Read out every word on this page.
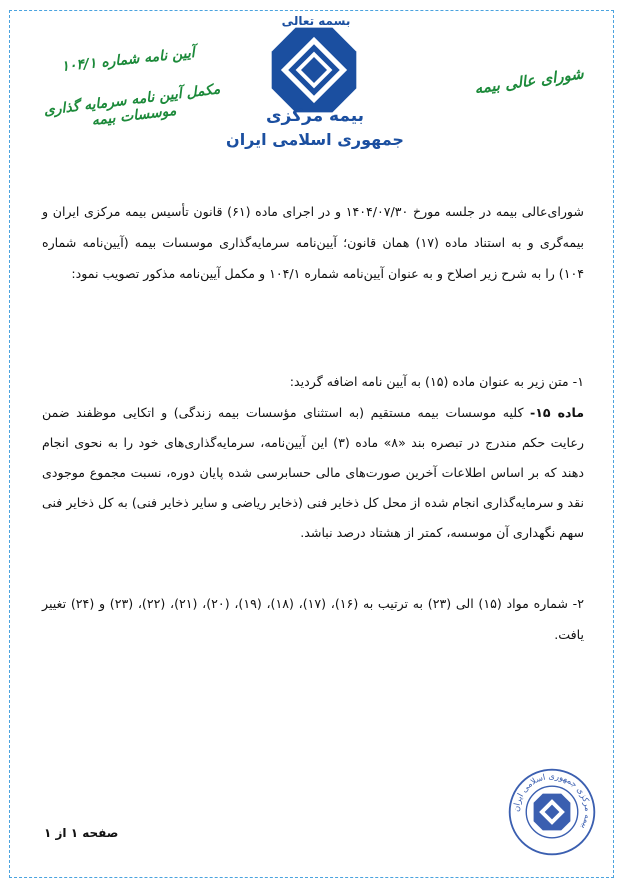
بسمه تعالی
بیمه مرکزی
جمهوری اسلامی ایران
شورای عالی بیمه
آیین نامه شماره ۱۰۴/۱
مکمل آیین نامه سرمایه گذاری موسسات بیمه
شورای‌عالی بیمه در جلسه مورخ ۱۴۰۴/۰۷/۳۰ و در اجرای ماده (۶۱) قانون تأسیس بیمه مرکزی ایران و بیمه‌گری و به استناد ماده (۱۷) همان قانون؛ آیین‌نامه سرمایه‌گذاری موسسات بیمه (آیین‌نامه شماره ۱۰۴) را به شرح زیر اصلاح و به عنوان آیین‌نامه شماره ۱۰۴/۱ و مکمل آیین‌نامه مذکور تصویب نمود:
۱- متن زیر به عنوان ماده (۱۵) به آیین نامه اضافه گردید:
ماده ۱۵- کلیه موسسات بیمه مستقیم (به استثنای مؤسسات بیمه زندگی) و اتکایی موظفند ضمن رعایت حکم مندرج در تبصره بند «۸» ماده (۳) این آیین‌نامه، سرمایه‌گذاری‌های خود را به نحوی انجام دهند که بر اساس اطلاعات آخرین صورت‌های مالی حسابرسی شده پایان دوره، نسبت مجموع موجودی نقد و سرمایه‌گذاری انجام شده از محل کل ذخایر فنی (ذخایر ریاضی و سایر ذخایر فنی) به کل ذخایر فنی سهم نگهداری آن موسسه، کمتر از هشتاد درصد نباشد.
۲- شماره مواد (۱۵) الی (۲۳) به ترتیب به (۱۶)، (۱۷)، (۱۸)، (۱۹)، (۲۰)، (۲۱)، (۲۲)، (۲۳) و (۲۴) تغییر یافت.
صفحه ۱ از ۱
بیمه مرکزی جمهوری اسلامی ایران
